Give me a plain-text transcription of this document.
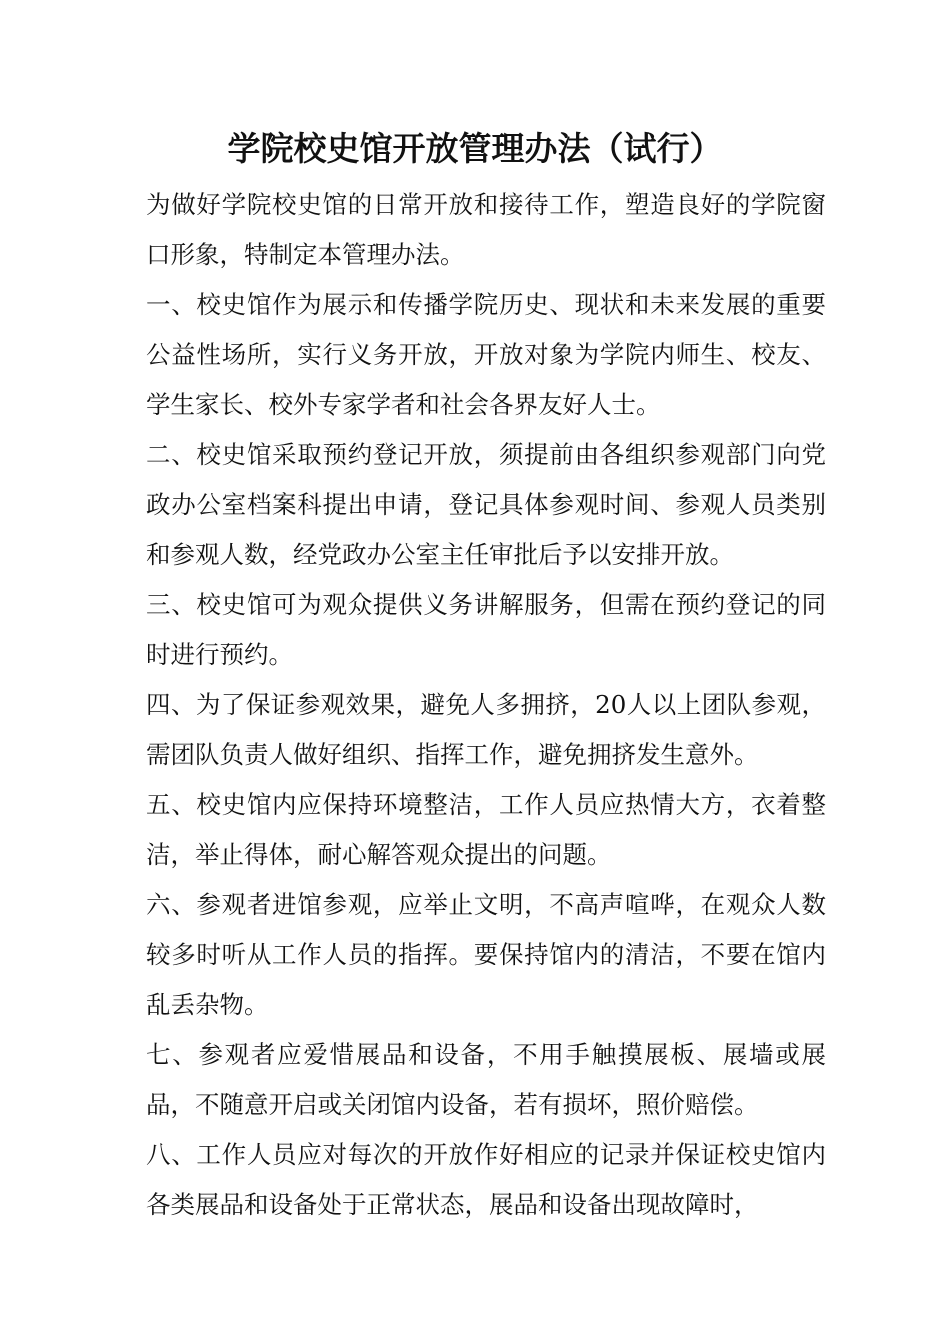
学院校史馆开放管理办法（试行）

为做好学院校史馆的日常开放和接待工作，塑造良好的学院窗口形象，特制定本管理办法。

一、校史馆作为展示和传播学院历史、现状和未来发展的重要公益性场所，实行义务开放，开放对象为学院内师生、校友、学生家长、校外专家学者和社会各界友好人士。

二、校史馆采取预约登记开放，须提前由各组织参观部门向党政办公室档案科提出申请，登记具体参观时间、参观人员类别和参观人数，经党政办公室主任审批后予以安排开放。

三、校史馆可为观众提供义务讲解服务，但需在预约登记的同时进行预约。

四、为了保证参观效果，避免人多拥挤，20人以上团队参观，需团队负责人做好组织、指挥工作，避免拥挤发生意外。

五、校史馆内应保持环境整洁，工作人员应热情大方，衣着整洁，举止得体，耐心解答观众提出的问题。

六、参观者进馆参观，应举止文明，不高声喧哗，在观众人数较多时听从工作人员的指挥。要保持馆内的清洁，不要在馆内乱丢杂物。

七、参观者应爱惜展品和设备，不用手触摸展板、展墙或展品，不随意开启或关闭馆内设备，若有损坏，照价赔偿。

八、工作人员应对每次的开放作好相应的记录并保证校史馆内各类展品和设备处于正常状态，展品和设备出现故障时，
